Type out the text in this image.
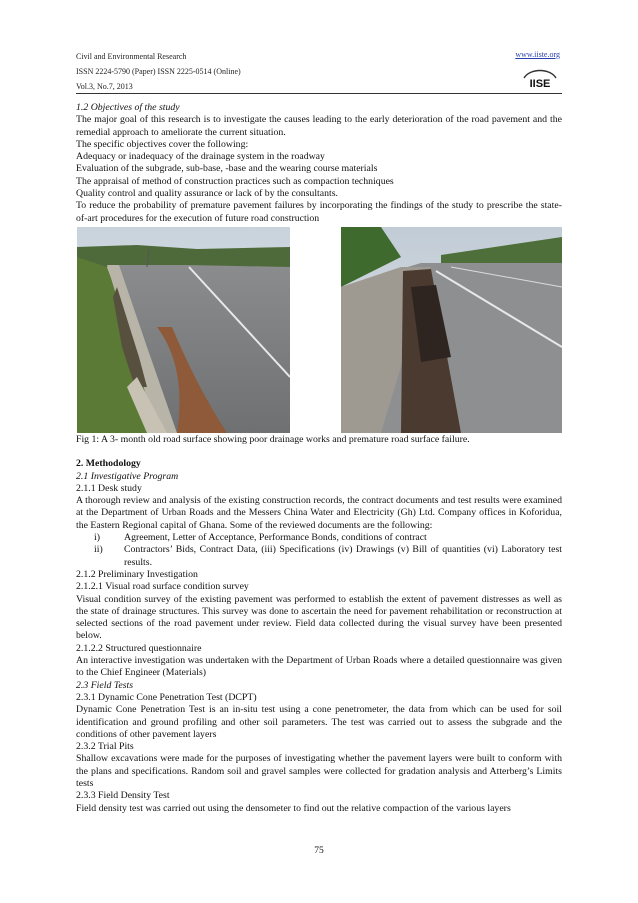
Civil and Environmental Research
ISSN 2224-5790 (Paper) ISSN 2225-0514 (Online)
Vol.3, No.7, 2013
www.iiste.org
IISE

1.2 Objectives of the study

The major goal of this research is to investigate the causes leading to the early deterioration of the road pavement and the remedial approach to ameliorate the current situation.

The specific objectives cover the following:

Adequacy or inadequacy of the drainage system in the roadway

Evaluation of the subgrade, sub-base, -base and the wearing course materials

The appraisal of method of construction practices such as compaction techniques

Quality control and quality assurance or lack of by the consultants.

To reduce the probability of premature pavement failures by incorporating the findings of the study to prescribe the state-of-art procedures for the execution of future road construction

Fig 1: A 3- month old road surface showing poor drainage works and premature road surface failure.

2. Methodology

2.1 Investigative Program

2.1.1 Desk study

A thorough review and analysis of the existing construction records, the contract documents and test results were examined at the Department of Urban Roads and the Messers China Water and Electricity (Gh) Ltd. Company offices in Koforidua, the Eastern Regional capital of Ghana. Some of the reviewed documents are the following:

i)	Agreement, Letter of Acceptance, Performance Bonds, conditions of contract
ii)	Contractors’ Bids, Contract Data, (iii) Specifications (iv) Drawings (v) Bill of quantities (vi) Laboratory test results.

2.1.2 Preliminary Investigation

2.1.2.1 Visual road surface condition survey

Visual condition survey of the existing pavement was performed to establish the extent of pavement distresses as well as the state of drainage structures. This survey was done to ascertain the need for pavement rehabilitation or reconstruction at selected sections of the road pavement under review. Field data collected during the visual survey have been presented below.

2.1.2.2 Structured questionnaire

An interactive investigation was undertaken with the Department of Urban Roads where a detailed questionnaire was given to the Chief Engineer (Materials)

2.3 Field Tests

2.3.1 Dynamic Cone Penetration Test (DCPT)

Dynamic Cone Penetration Test is an in-situ test using a cone penetrometer, the data from which can be used for soil identification and ground profiling and other soil parameters. The test was carried out to assess the subgrade and the conditions of other pavement layers

2.3.2 Trial Pits

Shallow excavations were made for the purposes of investigating whether the pavement layers were built to conform with the plans and specifications. Random soil and gravel samples were collected for gradation analysis and Atterberg’s Limits tests

2.3.3 Field Density Test

Field density test was carried out using the densometer to find out the relative compaction of the various layers

75
